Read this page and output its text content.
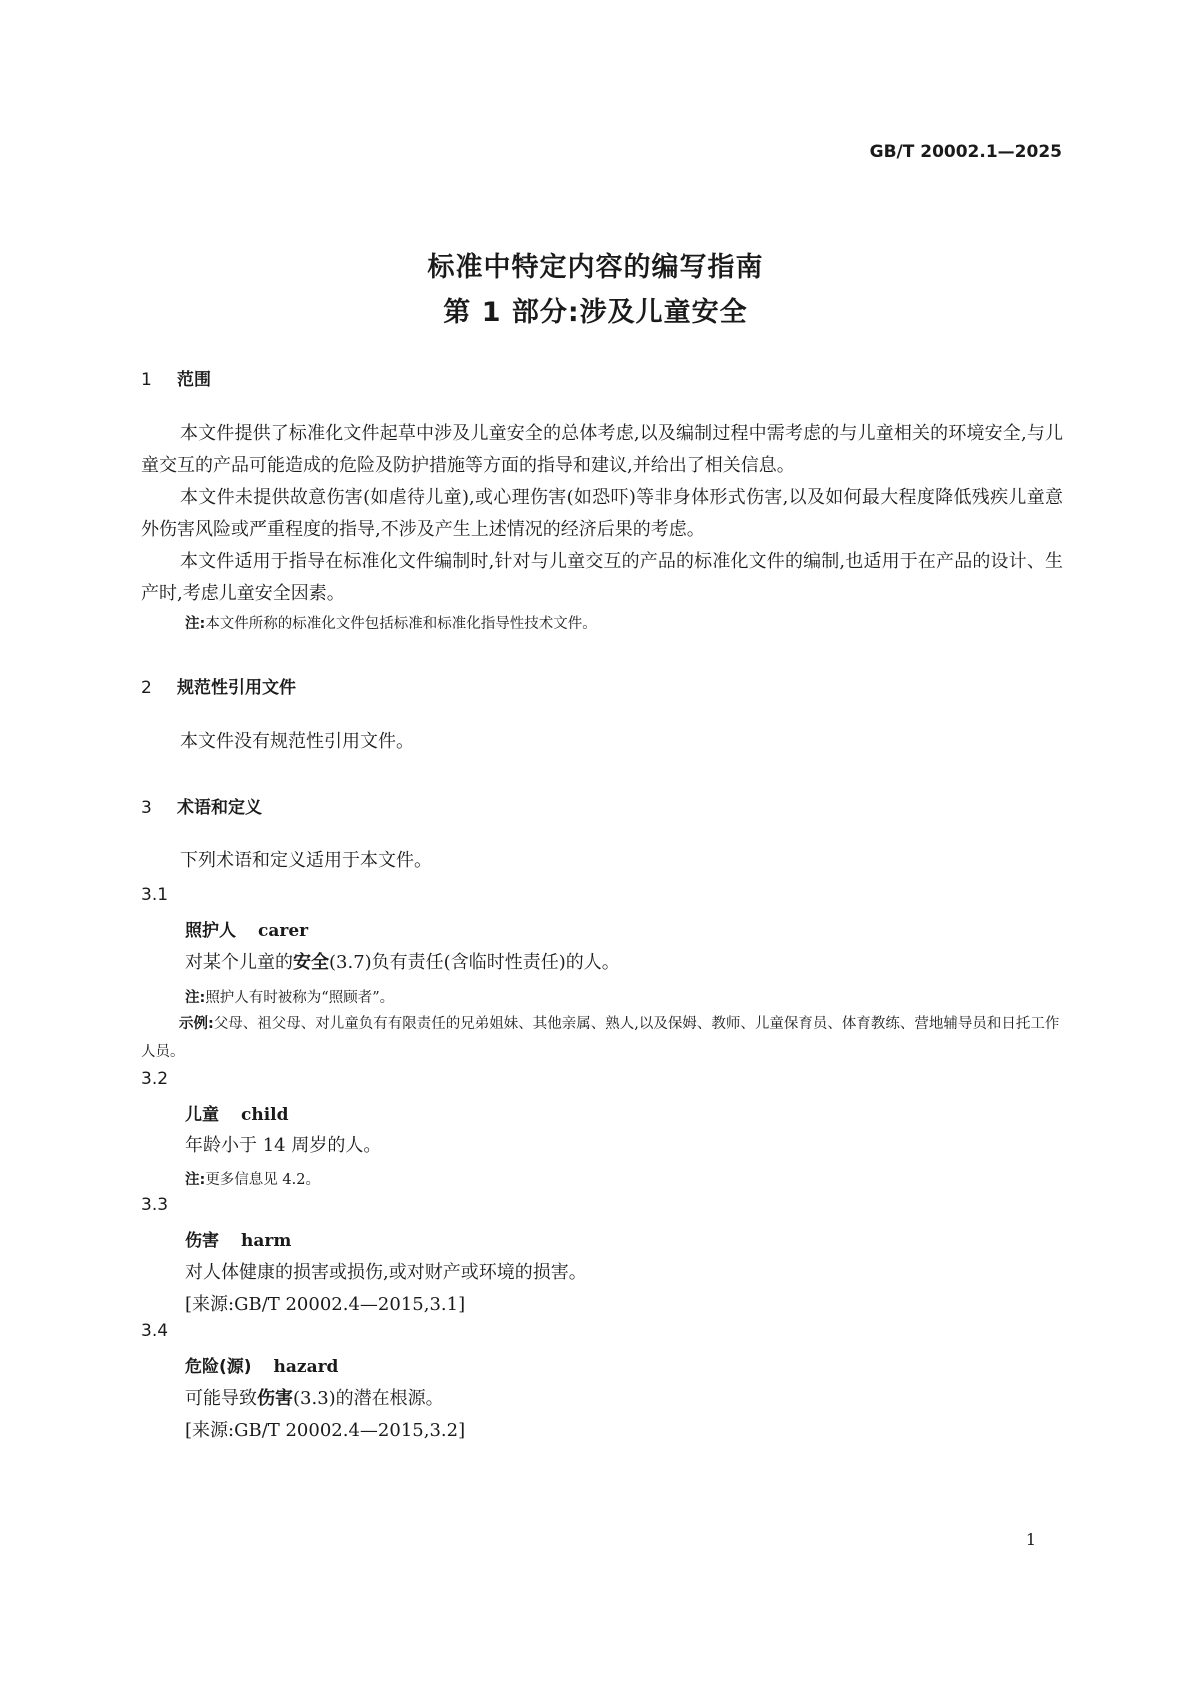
GB/T 20002.1—2025
标准中特定内容的编写指南
第 1 部分:涉及儿童安全
1 范围
本文件提供了标准化文件起草中涉及儿童安全的总体考虑,以及编制过程中需考虑的与儿童相关的环境安全,与儿童交互的产品可能造成的危险及防护措施等方面的指导和建议,并给出了相关信息。
本文件未提供故意伤害(如虐待儿童),或心理伤害(如恐吓)等非身体形式伤害,以及如何最大程度降低残疾儿童意外伤害风险或严重程度的指导,不涉及产生上述情况的经济后果的考虑。
本文件适用于指导在标准化文件编制时,针对与儿童交互的产品的标准化文件的编制,也适用于在产品的设计、生产时,考虑儿童安全因素。
注:本文件所称的标准化文件包括标准和标准化指导性技术文件。
2 规范性引用文件
本文件没有规范性引用文件。
3 术语和定义
下列术语和定义适用于本文件。
3.1
照护人 carer
对某个儿童的安全(3.7)负有责任(含临时性责任)的人。
注:照护人有时被称为“照顾者”。
示例:父母、祖父母、对儿童负有有限责任的兄弟姐妹、其他亲属、熟人,以及保姆、教师、儿童保育员、体育教练、营地辅导员和日托工作人员。
3.2
儿童 child
年龄小于 14 周岁的人。
注:更多信息见 4.2。
3.3
伤害 harm
对人体健康的损害或损伤,或对财产或环境的损害。
[来源:GB/T 20002.4—2015,3.1]
3.4
危险(源) hazard
可能导致伤害(3.3)的潜在根源。
[来源:GB/T 20002.4—2015,3.2]
1
